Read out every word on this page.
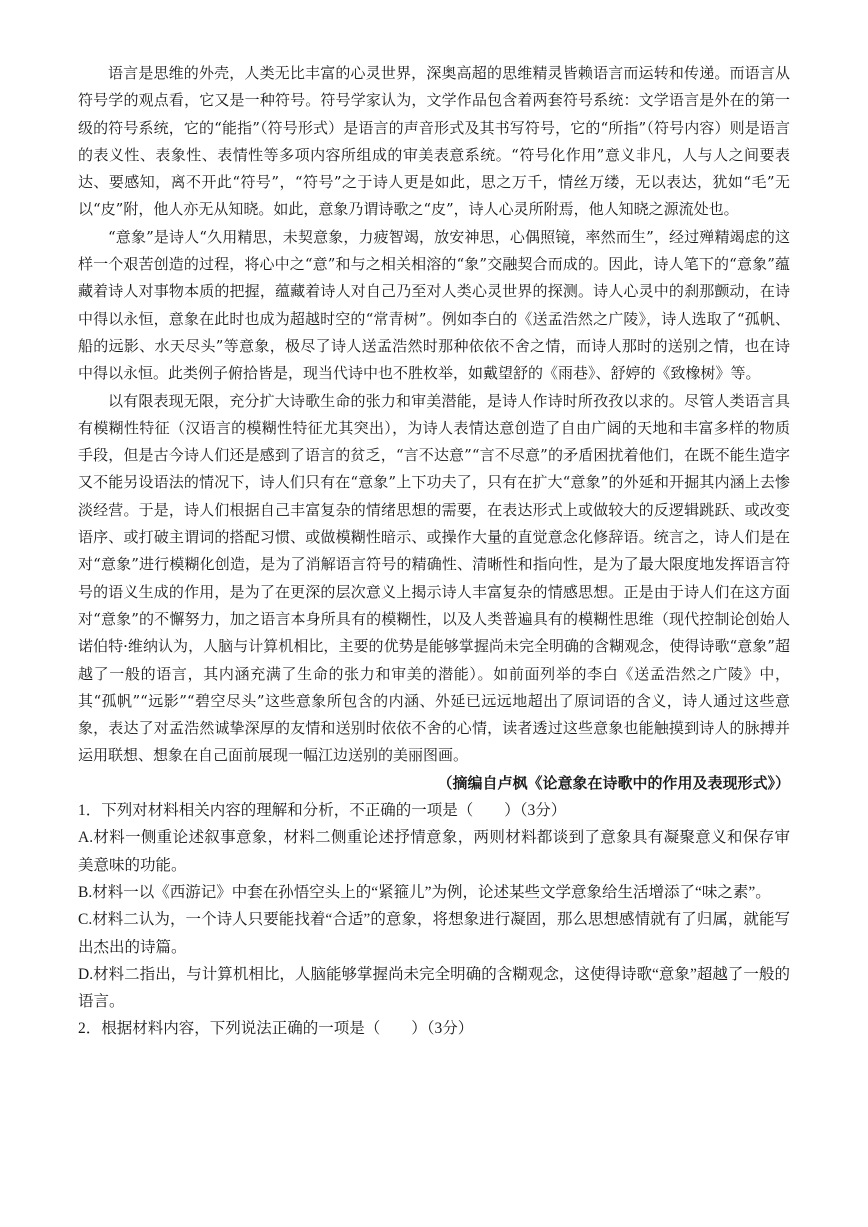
语言是思维的外壳，人类无比丰富的心灵世界，深奥高超的思维精灵皆赖语言而运转和传递。而语言从符号学的观点看，它又是一种符号。符号学家认为，文学作品包含着两套符号系统：文学语言是外在的第一级的符号系统，它的“能指”（符号形式）是语言的声音形式及其书写符号，它的“所指”（符号内容）则是语言的表义性、表象性、表情性等多项内容所组成的审美表意系统。“符号化作用”意义非凡，人与人之间要表达、要感知，离不开此“符号”，“符号”之于诗人更是如此，思之万千，情丝万缕，无以表达，犹如“毛”无以“皮”附，他人亦无从知晓。如此，意象乃谓诗歌之“皮”，诗人心灵所附焉，他人知晓之源流处也。

“意象”是诗人“久用精思，未契意象，力疲智竭，放安神思，心偶照镜，率然而生”，经过殚精竭虑的这样一个艰苦创造的过程，将心中之“意”和与之相关相溶的“象”交融契合而成的。因此，诗人笔下的“意象”蕴藏着诗人对事物本质的把握，蕴藏着诗人对自己乃至对人类心灵世界的探测。诗人心灵中的刹那颤动，在诗中得以永恒，意象在此时也成为超越时空的“常青树”。例如李白的《送孟浩然之广陵》，诗人选取了“孤帆、船的远影、水天尽头”等意象，极尽了诗人送孟浩然时那种依依不舍之情，而诗人那时的送别之情，也在诗中得以永恒。此类例子俯拾皆是，现当代诗中也不胜枚举，如戴望舒的《雨巷》、舒婷的《致橡树》等。

以有限表现无限，充分扩大诗歌生命的张力和审美潜能，是诗人作诗时所孜孜以求的。尽管人类语言具有模糊性特征（汉语言的模糊性特征尤其突出），为诗人表情达意创造了自由广阔的天地和丰富多样的物质手段，但是古今诗人们还是感到了语言的贫乏，“言不达意”“言不尽意”的矛盾困扰着他们，在既不能生造字又不能另设语法的情况下，诗人们只有在“意象”上下功夫了，只有在扩大“意象”的外延和开掘其内涵上去惨淡经营。于是，诗人们根据自己丰富复杂的情绪思想的需要，在表达形式上或做较大的反逻辑跳跃、或改变语序、或打破主谓词的搭配习惯、或做模糊性暗示、或操作大量的直觉意念化修辞语。统言之，诗人们是在对“意象”进行模糊化创造，是为了消解语言符号的精确性、清晰性和指向性，是为了最大限度地发挥语言符号的语义生成的作用，是为了在更深的层次意义上揭示诗人丰富复杂的情感思想。正是由于诗人们在这方面对“意象”的不懈努力，加之语言本身所具有的模糊性，以及人类普遍具有的模糊性思维（现代控制论创始人诺伯特·维纳认为，人脑与计算机相比，主要的优势是能够掌握尚未完全明确的含糊观念，使得诗歌“意象”超越了一般的语言，其内涵充满了生命的张力和审美的潜能）。如前面列举的李白《送孟浩然之广陵》中，其“孤帆”“远影”“碧空尽头”这些意象所包含的内涵、外延已远远地超出了原词语的含义，诗人通过这些意象，表达了对孟浩然诚挚深厚的友情和送别时依依不舍的心情，读者透过这些意象也能触摸到诗人的脉搏并运用联想、想象在自己面前展现一幅江边送别的美丽图画。

（摘编自卢枫《论意象在诗歌中的作用及表现形式》）

1．下列对材料相关内容的理解和分析，不正确的一项是（　　）（3分）

A.材料一侧重论述叙事意象，材料二侧重论述抒情意象，两则材料都谈到了意象具有凝聚意义和保存审美意味的功能。

B.材料一以《西游记》中套在孙悟空头上的“紧箍儿”为例，论述某些文学意象给生活增添了“味之素”。

C.材料二认为，一个诗人只要能找着“合适”的意象，将想象进行凝固，那么思想感情就有了归属，就能写出杰出的诗篇。

D.材料二指出，与计算机相比，人脑能够掌握尚未完全明确的含糊观念，这使得诗歌“意象”超越了一般的语言。

2．根据材料内容，下列说法正确的一项是（　　）（3分）
